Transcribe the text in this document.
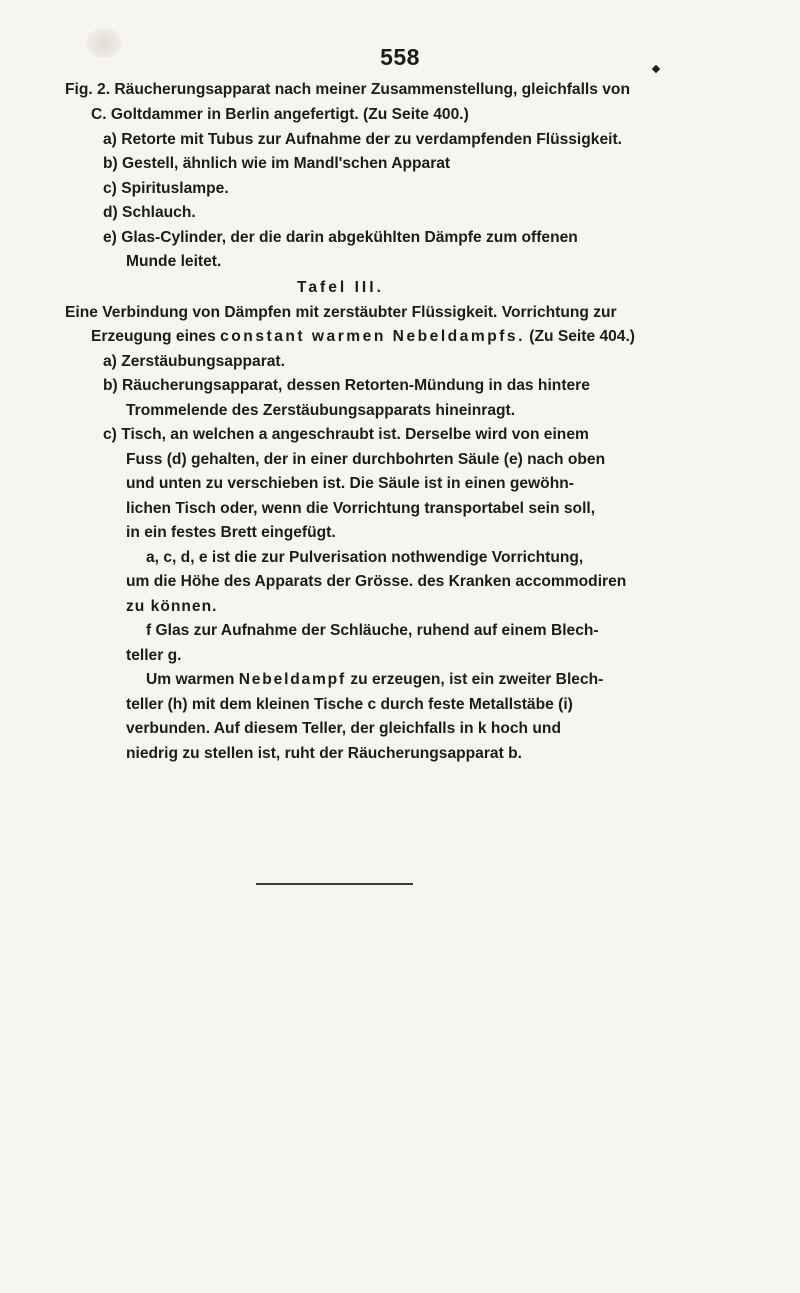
558
Fig. 2. Räucherungsapparat nach meiner Zusammenstellung, gleichfalls von
C. Goltdammer in Berlin angefertigt. (Zu Seite 400.)
a) Retorte mit Tubus zur Aufnahme der zu verdampfenden Flüssigkeit.
b) Gestell, ähnlich wie im Mandl'schen Apparat
c) Spirituslampe.
d) Schlauch.
e) Glas-Cylinder, der die darin abgekühlten Dämpfe zum offenen
Munde leitet.
Tafel III.
Eine Verbindung von Dämpfen mit zerstäubter Flüssigkeit. Vorrichtung zur
Erzeugung eines constant warmen Nebeldampfs. (Zu Seite 404.)
a) Zerstäubungsapparat.
b) Räucherungsapparat, dessen Retorten-Mündung in das hintere
Trommelende des Zerstäubungsapparats hineinragt.
c) Tisch, an welchen a angeschraubt ist. Derselbe wird von einem
Fuss (d) gehalten, der in einer durchbohrten Säule (e) nach oben
und unten zu verschieben ist. Die Säule ist in einen gewöhn-
lichen Tisch oder, wenn die Vorrichtung transportabel sein soll,
in ein festes Brett eingefügt.
a, c, d, e ist die zur Pulverisation nothwendige Vorrichtung,
um die Höhe des Apparats der Grösse. des Kranken accommodiren
zu können.
f Glas zur Aufnahme der Schläuche, ruhend auf einem Blech-
teller g.
Um warmen Nebeldampf zu erzeugen, ist ein zweiter Blech-
teller (h) mit dem kleinen Tische c durch feste Metallstäbe (i)
verbunden. Auf diesem Teller, der gleichfalls in k hoch und
niedrig zu stellen ist, ruht der Räucherungsapparat b.
